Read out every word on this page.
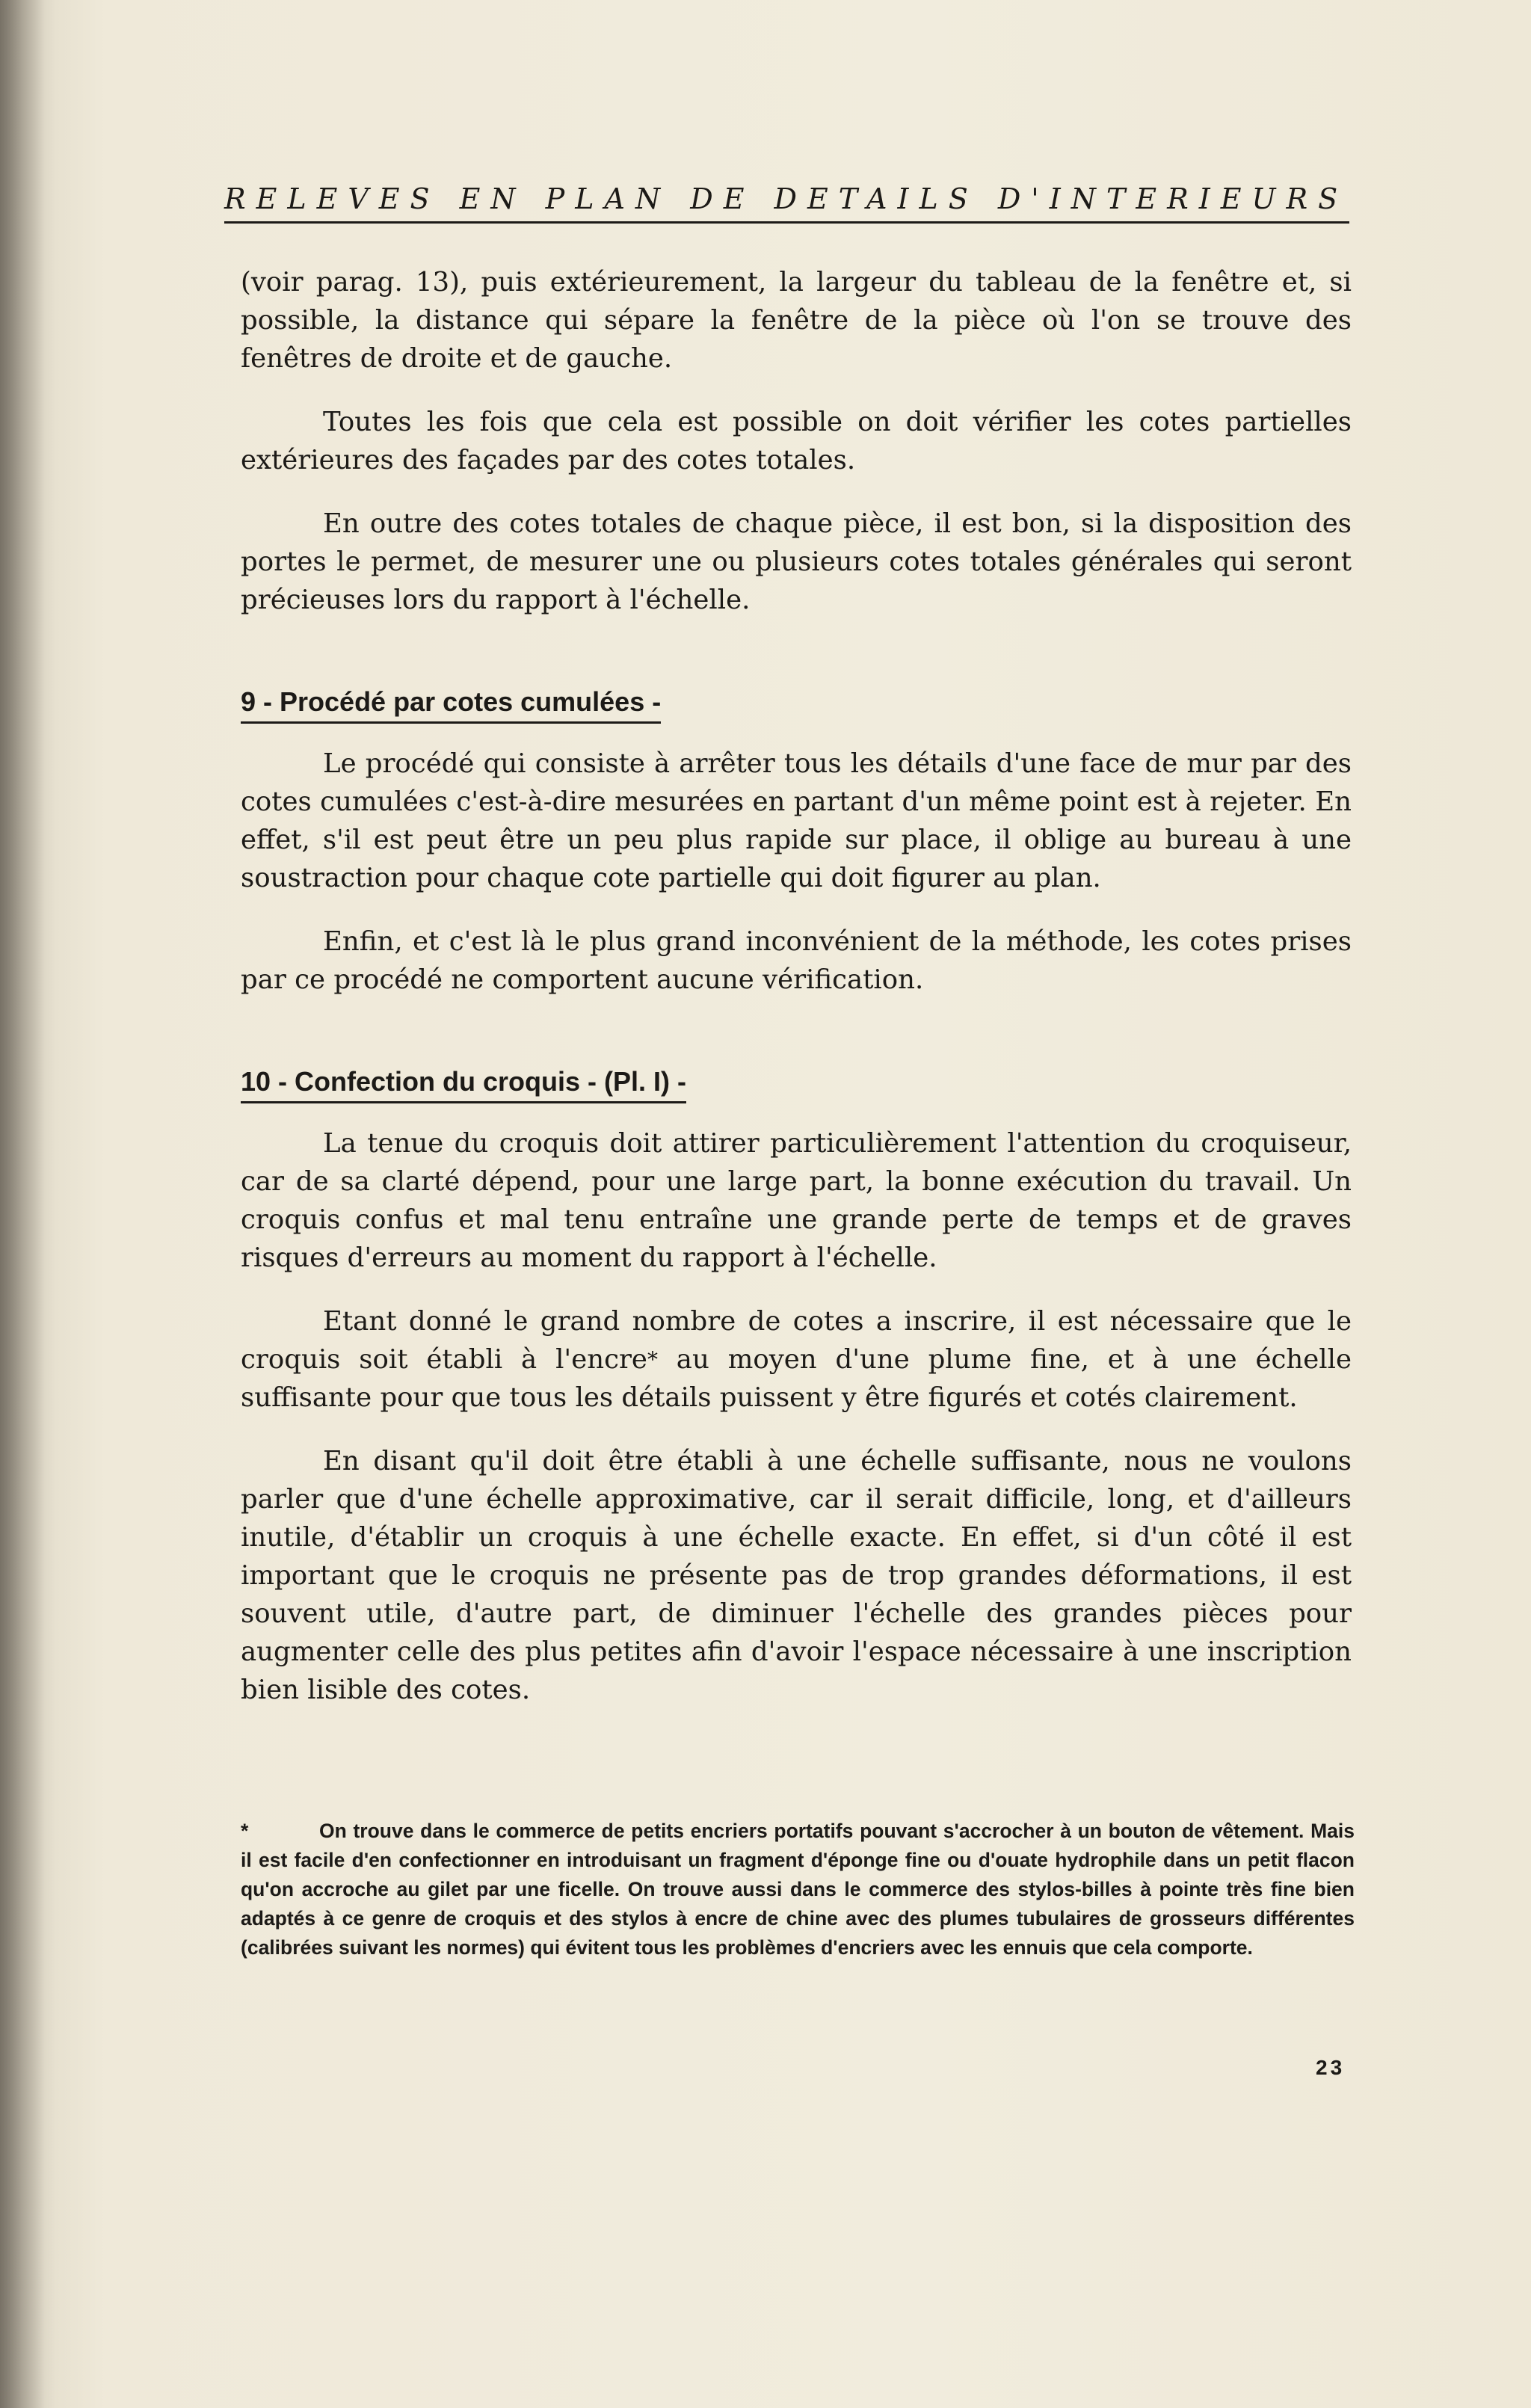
RELEVES EN PLAN DE DETAILS D'INTERIEURS

(voir parag. 13), puis extérieurement, la largeur du tableau de la fenêtre et, si possible, la distance qui sépare la fenêtre de la pièce où l'on se trouve des fenêtres de droite et de gauche.

Toutes les fois que cela est possible on doit vérifier les cotes partielles extérieures des façades par des cotes totales.

En outre des cotes totales de chaque pièce, il est bon, si la disposition des portes le permet, de mesurer une ou plusieurs cotes totales générales qui seront précieuses lors du rapport à l'échelle.

9 - Procédé par cotes cumulées -

Le procédé qui consiste à arrêter tous les détails d'une face de mur par des cotes cumulées c'est-à-dire mesurées en partant d'un même point est à rejeter. En effet, s'il est peut être un peu plus rapide sur place, il oblige au bureau à une soustraction pour chaque cote partielle qui doit figurer au plan.

Enfin, et c'est là le plus grand inconvénient de la méthode, les cotes prises par ce procédé ne comportent aucune vérification.

10 - Confection du croquis - (Pl. I) -

La tenue du croquis doit attirer particulièrement l'attention du croquiseur, car de sa clarté dépend, pour une large part, la bonne exécution du travail. Un croquis confus et mal tenu entraîne une grande perte de temps et de graves risques d'erreurs au moment du rapport à l'échelle.

Etant donné le grand nombre de cotes a inscrire, il est nécessaire que le croquis soit établi à l'encre* au moyen d'une plume fine, et à une échelle suffisante pour que tous les détails puissent y être figurés et cotés clairement.

En disant qu'il doit être établi à une échelle suffisante, nous ne voulons parler que d'une échelle approximative, car il serait difficile, long, et d'ailleurs inutile, d'établir un croquis à une échelle exacte. En effet, si d'un côté il est important que le croquis ne présente pas de trop grandes déformations, il est souvent utile, d'autre part, de diminuer l'échelle des grandes pièces pour augmenter celle des plus petites afin d'avoir l'espace nécessaire à une inscription bien lisible des cotes.

*	On trouve dans le commerce de petits encriers portatifs pouvant s'accrocher à un bouton de vêtement. Mais il est facile d'en confectionner en introduisant un fragment d'éponge fine ou d'ouate hydrophile dans un petit flacon qu'on accroche au gilet par une ficelle. On trouve aussi dans le commerce des stylos-billes à pointe très fine bien adaptés à ce genre de croquis et des stylos à encre de chine avec des plumes tubulaires de grosseurs différentes (calibrées suivant les normes) qui évitent tous les problèmes d'encriers avec les ennuis que cela comporte.

23
